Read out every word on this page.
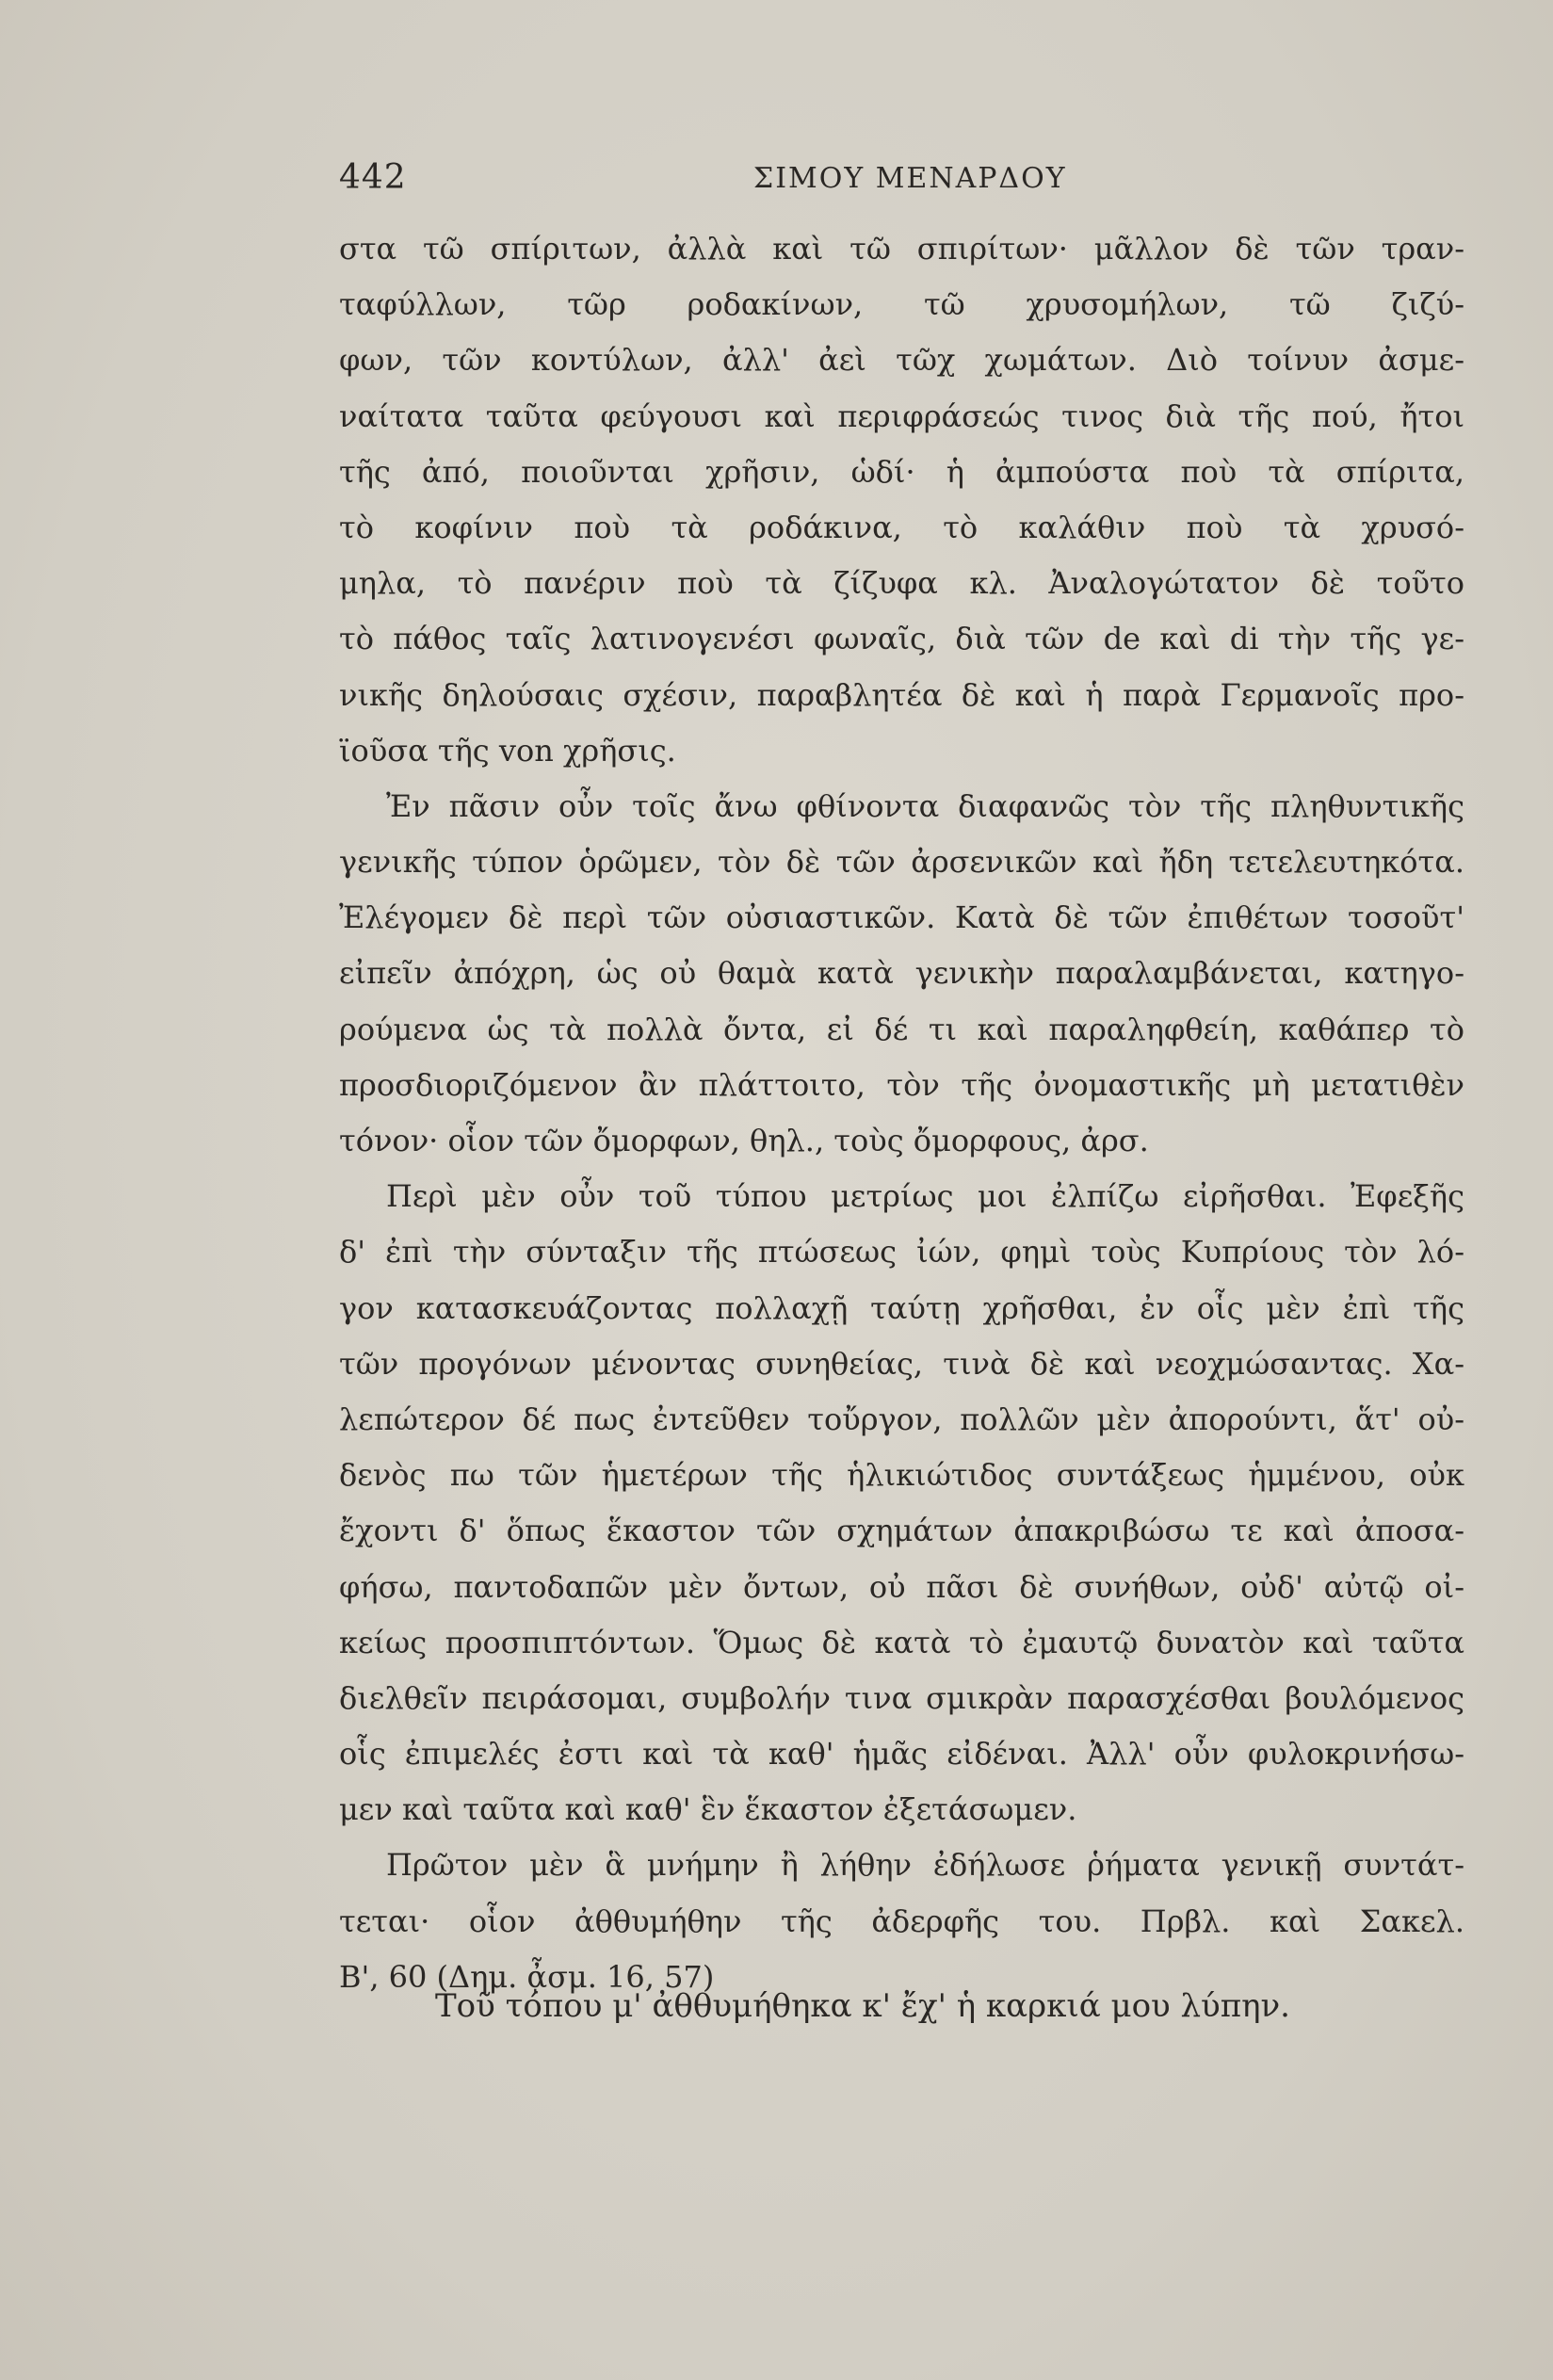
442	ΣΙΜΟΥ ΜΕΝΑΡΔΟΥ
στα τῶ σπίριτων, ἀλλὰ καὶ τῶ σπιρίτων· μᾶλλον δὲ τῶν τραν-
ταφύλλων, τῶρ ροδακίνων, τῶ χρυσομήλων, τῶ ζιζύ-
φων, τῶν κοντύλων, ἀλλ' ἀεὶ τῶχ χωμάτων. Διὸ τοίνυν ἀσμε-
ναίτατα ταῦτα φεύγουσι καὶ περιφράσεώς τινος διὰ τῆς πού, ἤτοι
τῆς ἀπό, ποιοῦνται χρῆσιν, ὡδί· ἡ ἀμπούστα ποὺ τὰ σπίριτα,
τὸ κοφίνιν ποὺ τὰ ροδάκινα, τὸ καλάθιν ποὺ τὰ χρυσό-
μηλα, τὸ πανέριν ποὺ τὰ ζίζυφα κλ. Ἀναλογώτατον δὲ τοῦτο
τὸ πάθος ταῖς λατινογενέσι φωναῖς, διὰ τῶν de καὶ di τὴν τῆς γε-
νικῆς δηλούσαις σχέσιν, παραβλητέα δὲ καὶ ἡ παρὰ Γερμανοῖς προ-
ϊοῦσα τῆς von χρῆσις.
Ἐν πᾶσιν οὖν τοῖς ἄνω φθίνοντα διαφανῶς τὸν τῆς πληθυντικῆς
γενικῆς τύπον ὁρῶμεν, τὸν δὲ τῶν ἀρσενικῶν καὶ ἤδη τετελευτηκότα.
Ἐλέγομεν δὲ περὶ τῶν οὐσιαστικῶν. Κατὰ δὲ τῶν ἐπιθέτων τοσοῦτ'
εἰπεῖν ἀπόχρη, ὡς οὐ θαμὰ κατὰ γενικὴν παραλαμβάνεται, κατηγο-
ρούμενα ὡς τὰ πολλὰ ὄντα, εἰ δέ τι καὶ παραληφθείη, καθάπερ τὸ
προσδιοριζόμενον ἂν πλάττοιτο, τὸν τῆς ὀνομαστικῆς μὴ μετατιθὲν
τόνον· οἷον τῶν ὄμορφων, θηλ., τοὺς ὄμορφους, ἀρσ.
Περὶ μὲν οὖν τοῦ τύπου μετρίως μοι ἐλπίζω εἰρῆσθαι. Ἐφεξῆς
δ' ἐπὶ τὴν σύνταξιν τῆς πτώσεως ἰών, φημὶ τοὺς Κυπρίους τὸν λό-
γον κατασκευάζοντας πολλαχῇ ταύτῃ χρῆσθαι, ἐν οἷς μὲν ἐπὶ τῆς
τῶν προγόνων μένοντας συνηθείας, τινὰ δὲ καὶ νεοχμώσαντας. Χα-
λεπώτερον δέ πως ἐντεῦθεν τοὔργον, πολλῶν μὲν ἀπορούντι, ἅτ' οὐ-
δενὸς πω τῶν ἡμετέρων τῆς ἡλικιώτιδος συντάξεως ἡμμένου, οὐκ
ἔχοντι δ' ὅπως ἕκαστον τῶν σχημάτων ἀπακριβώσω τε καὶ ἀποσα-
φήσω, παντοδαπῶν μὲν ὄντων, οὐ πᾶσι δὲ συνήθων, οὐδ' αὐτῷ οἰ-
κείως προσπιπτόντων. Ὅμως δὲ κατὰ τὸ ἐμαυτῷ δυνατὸν καὶ ταῦτα
διελθεῖν πειράσομαι, συμβολήν τινα σμικρὰν παρασχέσθαι βουλόμενος
οἷς ἐπιμελές ἐστι καὶ τὰ καθ' ἡμᾶς εἰδέναι. Ἀλλ' οὖν φυλοκρινήσω-
μεν καὶ ταῦτα καὶ καθ' ἓν ἕκαστον ἐξετάσωμεν.
Πρῶτον μὲν ἃ μνήμην ἢ λήθην ἐδήλωσε ῥήματα γενικῇ συντάτ-
τεται· οἷον ἀθθυμήθην τῆς ἀδερφῆς του. Πρβλ. καὶ Σακελ.
Β', 60 (Δημ. ᾆσμ. 16, 57)
Τοῦ τόπου μ' ἀθθυμήθηκα κ' ἔχ' ἡ καρκιά μου λύπην.
